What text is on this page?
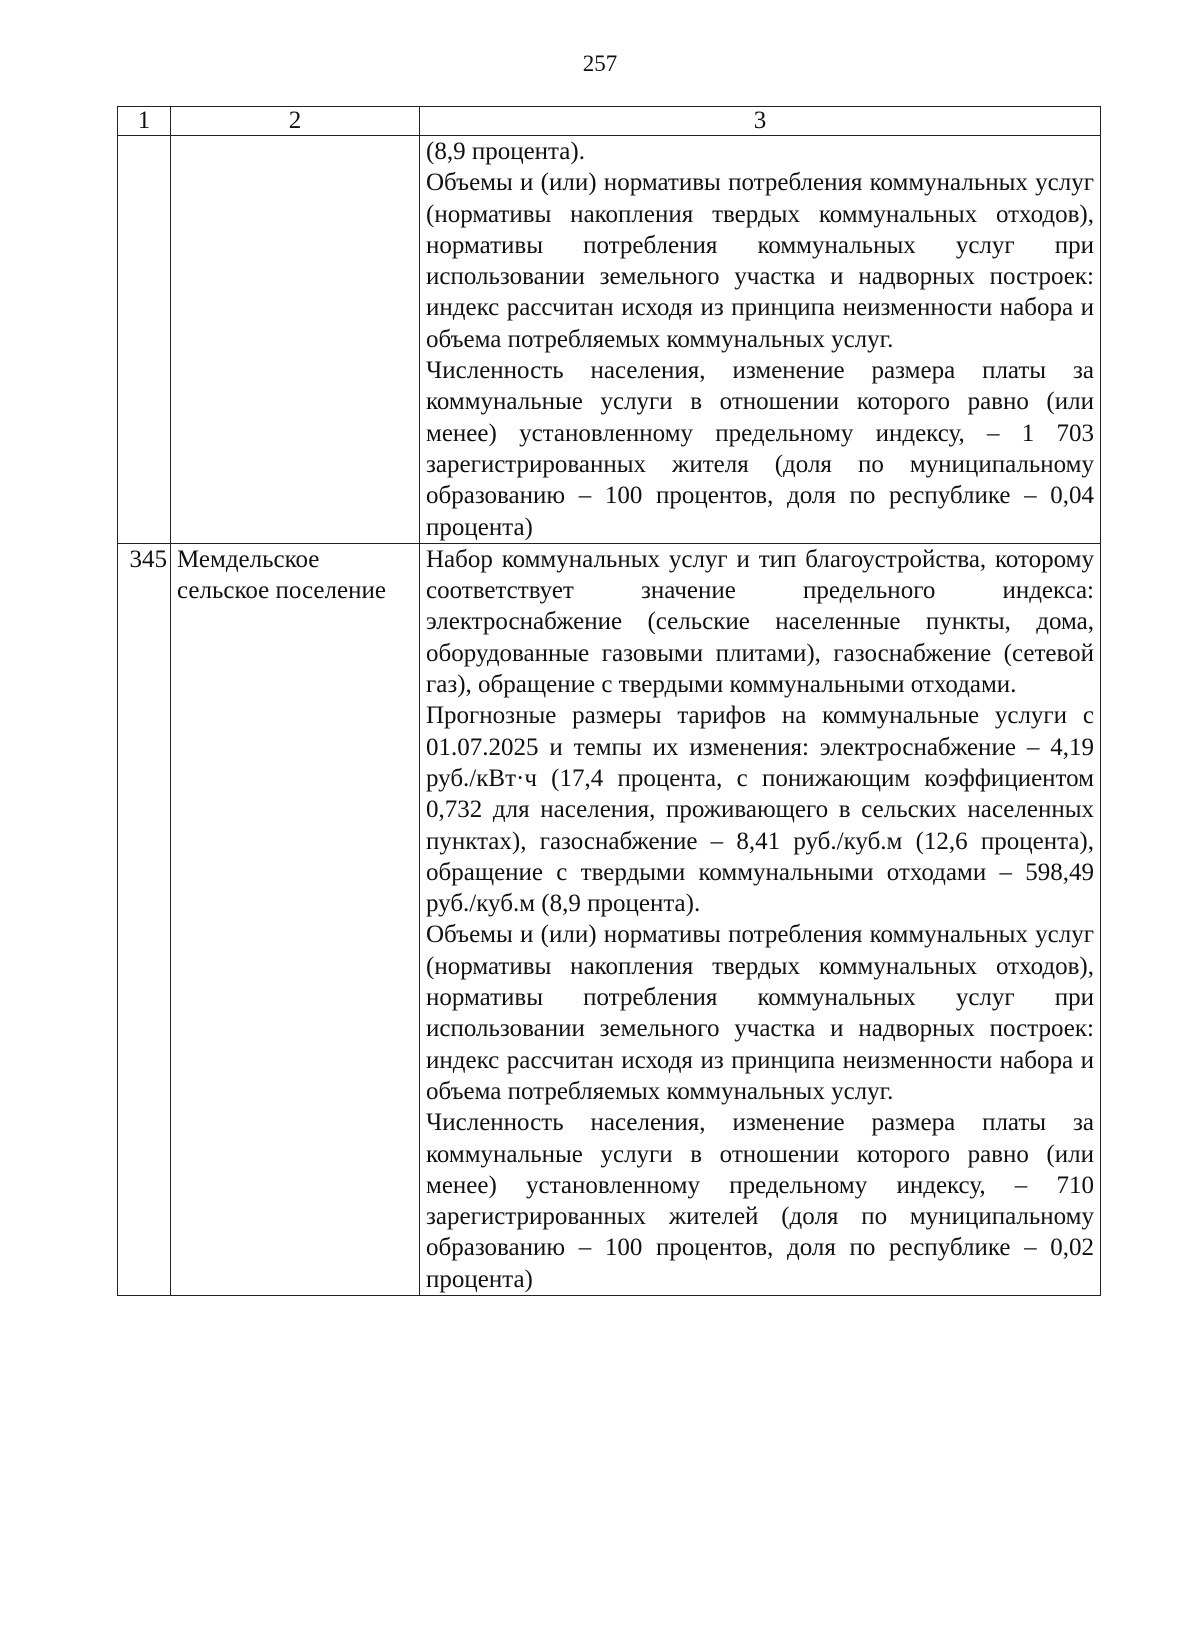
257
1	2	3

		(8,9 процента).

Объемы и (или) нормативы потребления коммунальных услуг (нормативы накопления твердых коммунальных отходов), нормативы потребления коммунальных услуг при использовании земельного участка и надворных построек: индекс рассчитан исходя из принципа неизменности набора и объема потребляемых коммунальных услуг.

Численность населения, изменение размера платы за коммунальные услуги в отношении которого равно (или менее) установленному предельному индексу, – 1 703 зарегистрированных жителя (доля по муниципальному образованию – 100 процентов, доля по республике – 0,04 процента)

345	Мемдельское сельское поселение	Набор коммунальных услуг и тип благоустройства, которому соответствует значение предельного индекса: электроснабжение (сельские населенные пункты, дома, оборудованные газовыми плитами), газоснабжение (сетевой газ), обращение с твердыми коммунальными отходами.

Прогнозные размеры тарифов на коммунальные услуги с 01.07.2025 и темпы их изменения: электроснабжение – 4,19 руб./кВт·ч (17,4 процента, с понижающим коэффициентом 0,732 для населения, проживающего в сельских населенных пунктах), газоснабжение – 8,41 руб./куб.м (12,6 процента), обращение с твердыми коммунальными отходами – 598,49 руб./куб.м (8,9 процента).

Объемы и (или) нормативы потребления коммунальных услуг (нормативы накопления твердых коммунальных отходов), нормативы потребления коммунальных услуг при использовании земельного участка и надворных построек: индекс рассчитан исходя из принципа неизменности набора и объема потребляемых коммунальных услуг.

Численность населения, изменение размера платы за коммунальные услуги в отношении которого равно (или менее) установленному предельному индексу, – 710 зарегистрированных жителей (доля по муниципальному образованию – 100 процентов, доля по республике – 0,02 процента)
